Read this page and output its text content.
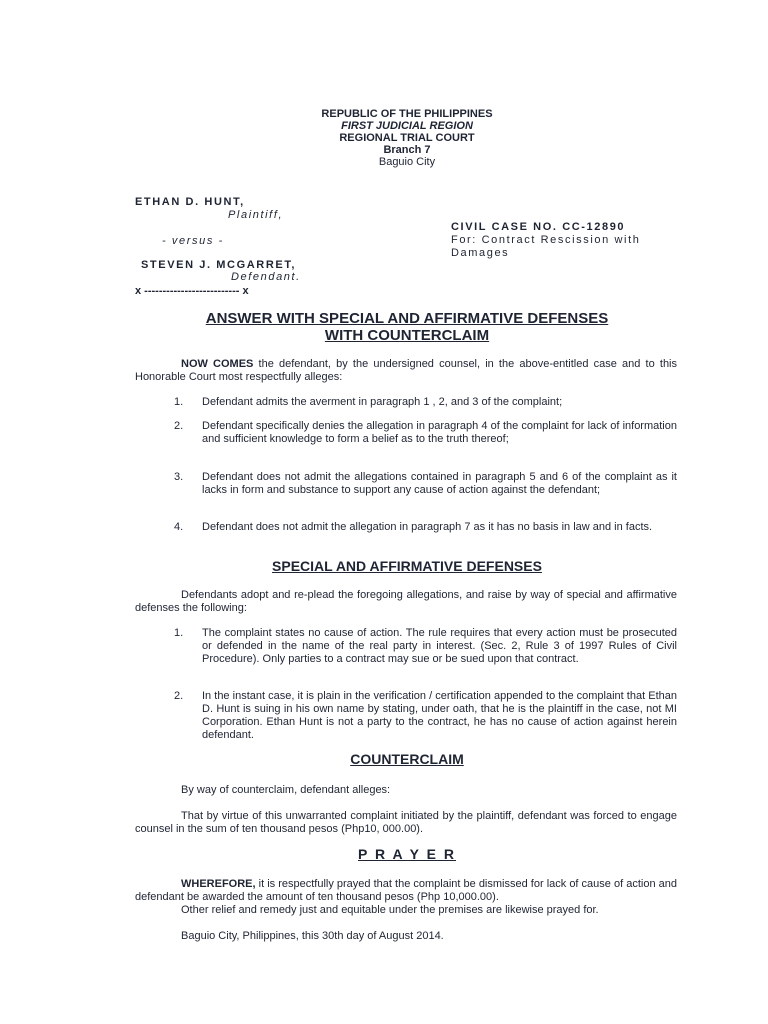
REPUBLIC OF THE PHILIPPINES
FIRST JUDICIAL REGION
REGIONAL TRIAL COURT
Branch 7
Baguio City
ETHAN D. HUNT,
Plaintiff,
- versus -
STEVEN J. MCGARRET,
Defendant.
x -------------------------- x
CIVIL CASE NO. CC-12890
For: Contract Rescission with
Damages
ANSWER WITH SPECIAL AND AFFIRMATIVE DEFENSES
WITH COUNTERCLAIM

NOW COMES the defendant, by the undersigned counsel, in the above-entitled case and to this Honorable Court most respectfully alleges:

1. Defendant admits the averment in paragraph 1 , 2, and 3 of the complaint;

2. Defendant specifically denies the allegation in paragraph 4 of the complaint for lack of information and sufficient knowledge to form a belief as to the truth thereof;

3. Defendant does not admit the allegations contained in paragraph 5 and 6 of the complaint as it lacks in form and substance to support any cause of action against the defendant;

4. Defendant does not admit the allegation in paragraph 7 as it has no basis in law and in facts.

SPECIAL AND AFFIRMATIVE DEFENSES

Defendants adopt and re-plead the foregoing allegations, and raise by way of special and affirmative defenses the following:

1. The complaint states no cause of action. The rule requires that every action must be prosecuted or defended in the name of the real party in interest. (Sec. 2, Rule 3 of 1997 Rules of Civil Procedure). Only parties to a contract may sue or be sued upon that contract.

2. In the instant case, it is plain in the verification / certification appended to the complaint that Ethan D. Hunt is suing in his own name by stating, under oath, that he is the plaintiff in the case, not MI Corporation. Ethan Hunt is not a party to the contract, he has no cause of action against herein defendant.

COUNTERCLAIM

By way of counterclaim, defendant alleges:

That by virtue of this unwarranted complaint initiated by the plaintiff, defendant was forced to engage counsel in the sum of ten thousand pesos (Php10, 000.00).

P R A Y E R

WHEREFORE, it is respectfully prayed that the complaint be dismissed for lack of cause of action and defendant be awarded the amount of ten thousand pesos (Php 10,000.00).

Other relief and remedy just and equitable under the premises are likewise prayed for.

Baguio City, Philippines, this 30th day of August 2014.
